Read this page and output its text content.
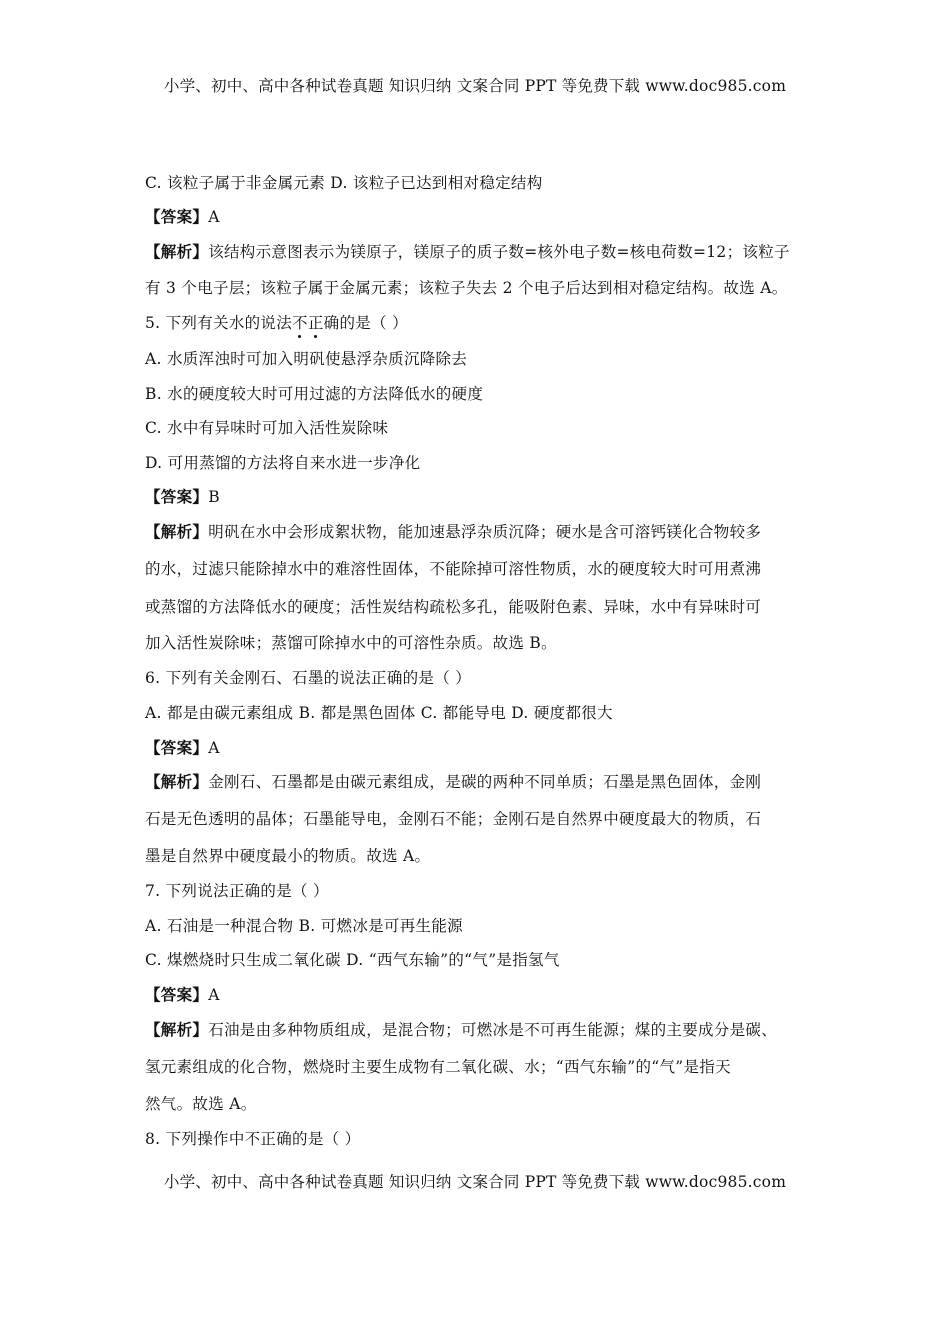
小学、初中、高中各种试卷真题 知识归纳 文案合同 PPT 等免费下载 www.doc985.com
C. 该粒子属于非金属元素 D. 该粒子已达到相对稳定结构
【答案】A
【解析】该结构示意图表示为镁原子，镁原子的质子数=核外电子数=核电荷数=12；该粒子
有 3 个电子层；该粒子属于金属元素；该粒子失去 2 个电子后达到相对稳定结构。故选 A。
5. 下列有关水的说法不正确的是（ ）
A. 水质浑浊时可加入明矾使悬浮杂质沉降除去
B. 水的硬度较大时可用过滤的方法降低水的硬度
C. 水中有异味时可加入活性炭除味
D. 可用蒸馏的方法将自来水进一步净化
【答案】B
【解析】明矾在水中会形成絮状物，能加速悬浮杂质沉降；硬水是含可溶钙镁化合物较多
的水，过滤只能除掉水中的难溶性固体，不能除掉可溶性物质，水的硬度较大时可用煮沸
或蒸馏的方法降低水的硬度；活性炭结构疏松多孔，能吸附色素、异味，水中有异味时可
加入活性炭除味；蒸馏可除掉水中的可溶性杂质。故选 B。
6. 下列有关金刚石、石墨的说法正确的是（ ）
A. 都是由碳元素组成 B. 都是黑色固体 C. 都能导电 D. 硬度都很大
【答案】A
【解析】金刚石、石墨都是由碳元素组成，是碳的两种不同单质；石墨是黑色固体，金刚
石是无色透明的晶体；石墨能导电，金刚石不能；金刚石是自然界中硬度最大的物质，石
墨是自然界中硬度最小的物质。故选 A。
7. 下列说法正确的是（ ）
A. 石油是一种混合物 B. 可燃冰是可再生能源
C. 煤燃烧时只生成二氧化碳 D. “西气东输”的“气”是指氢气
【答案】A
【解析】石油是由多种物质组成，是混合物；可燃冰是不可再生能源；煤的主要成分是碳、
氢元素组成的化合物，燃烧时主要生成物有二氧化碳、水；“西气东输”的“气”是指天
然气。故选 A。
8. 下列操作中不正确的是（ ）
小学、初中、高中各种试卷真题 知识归纳 文案合同 PPT 等免费下载 www.doc985.com
